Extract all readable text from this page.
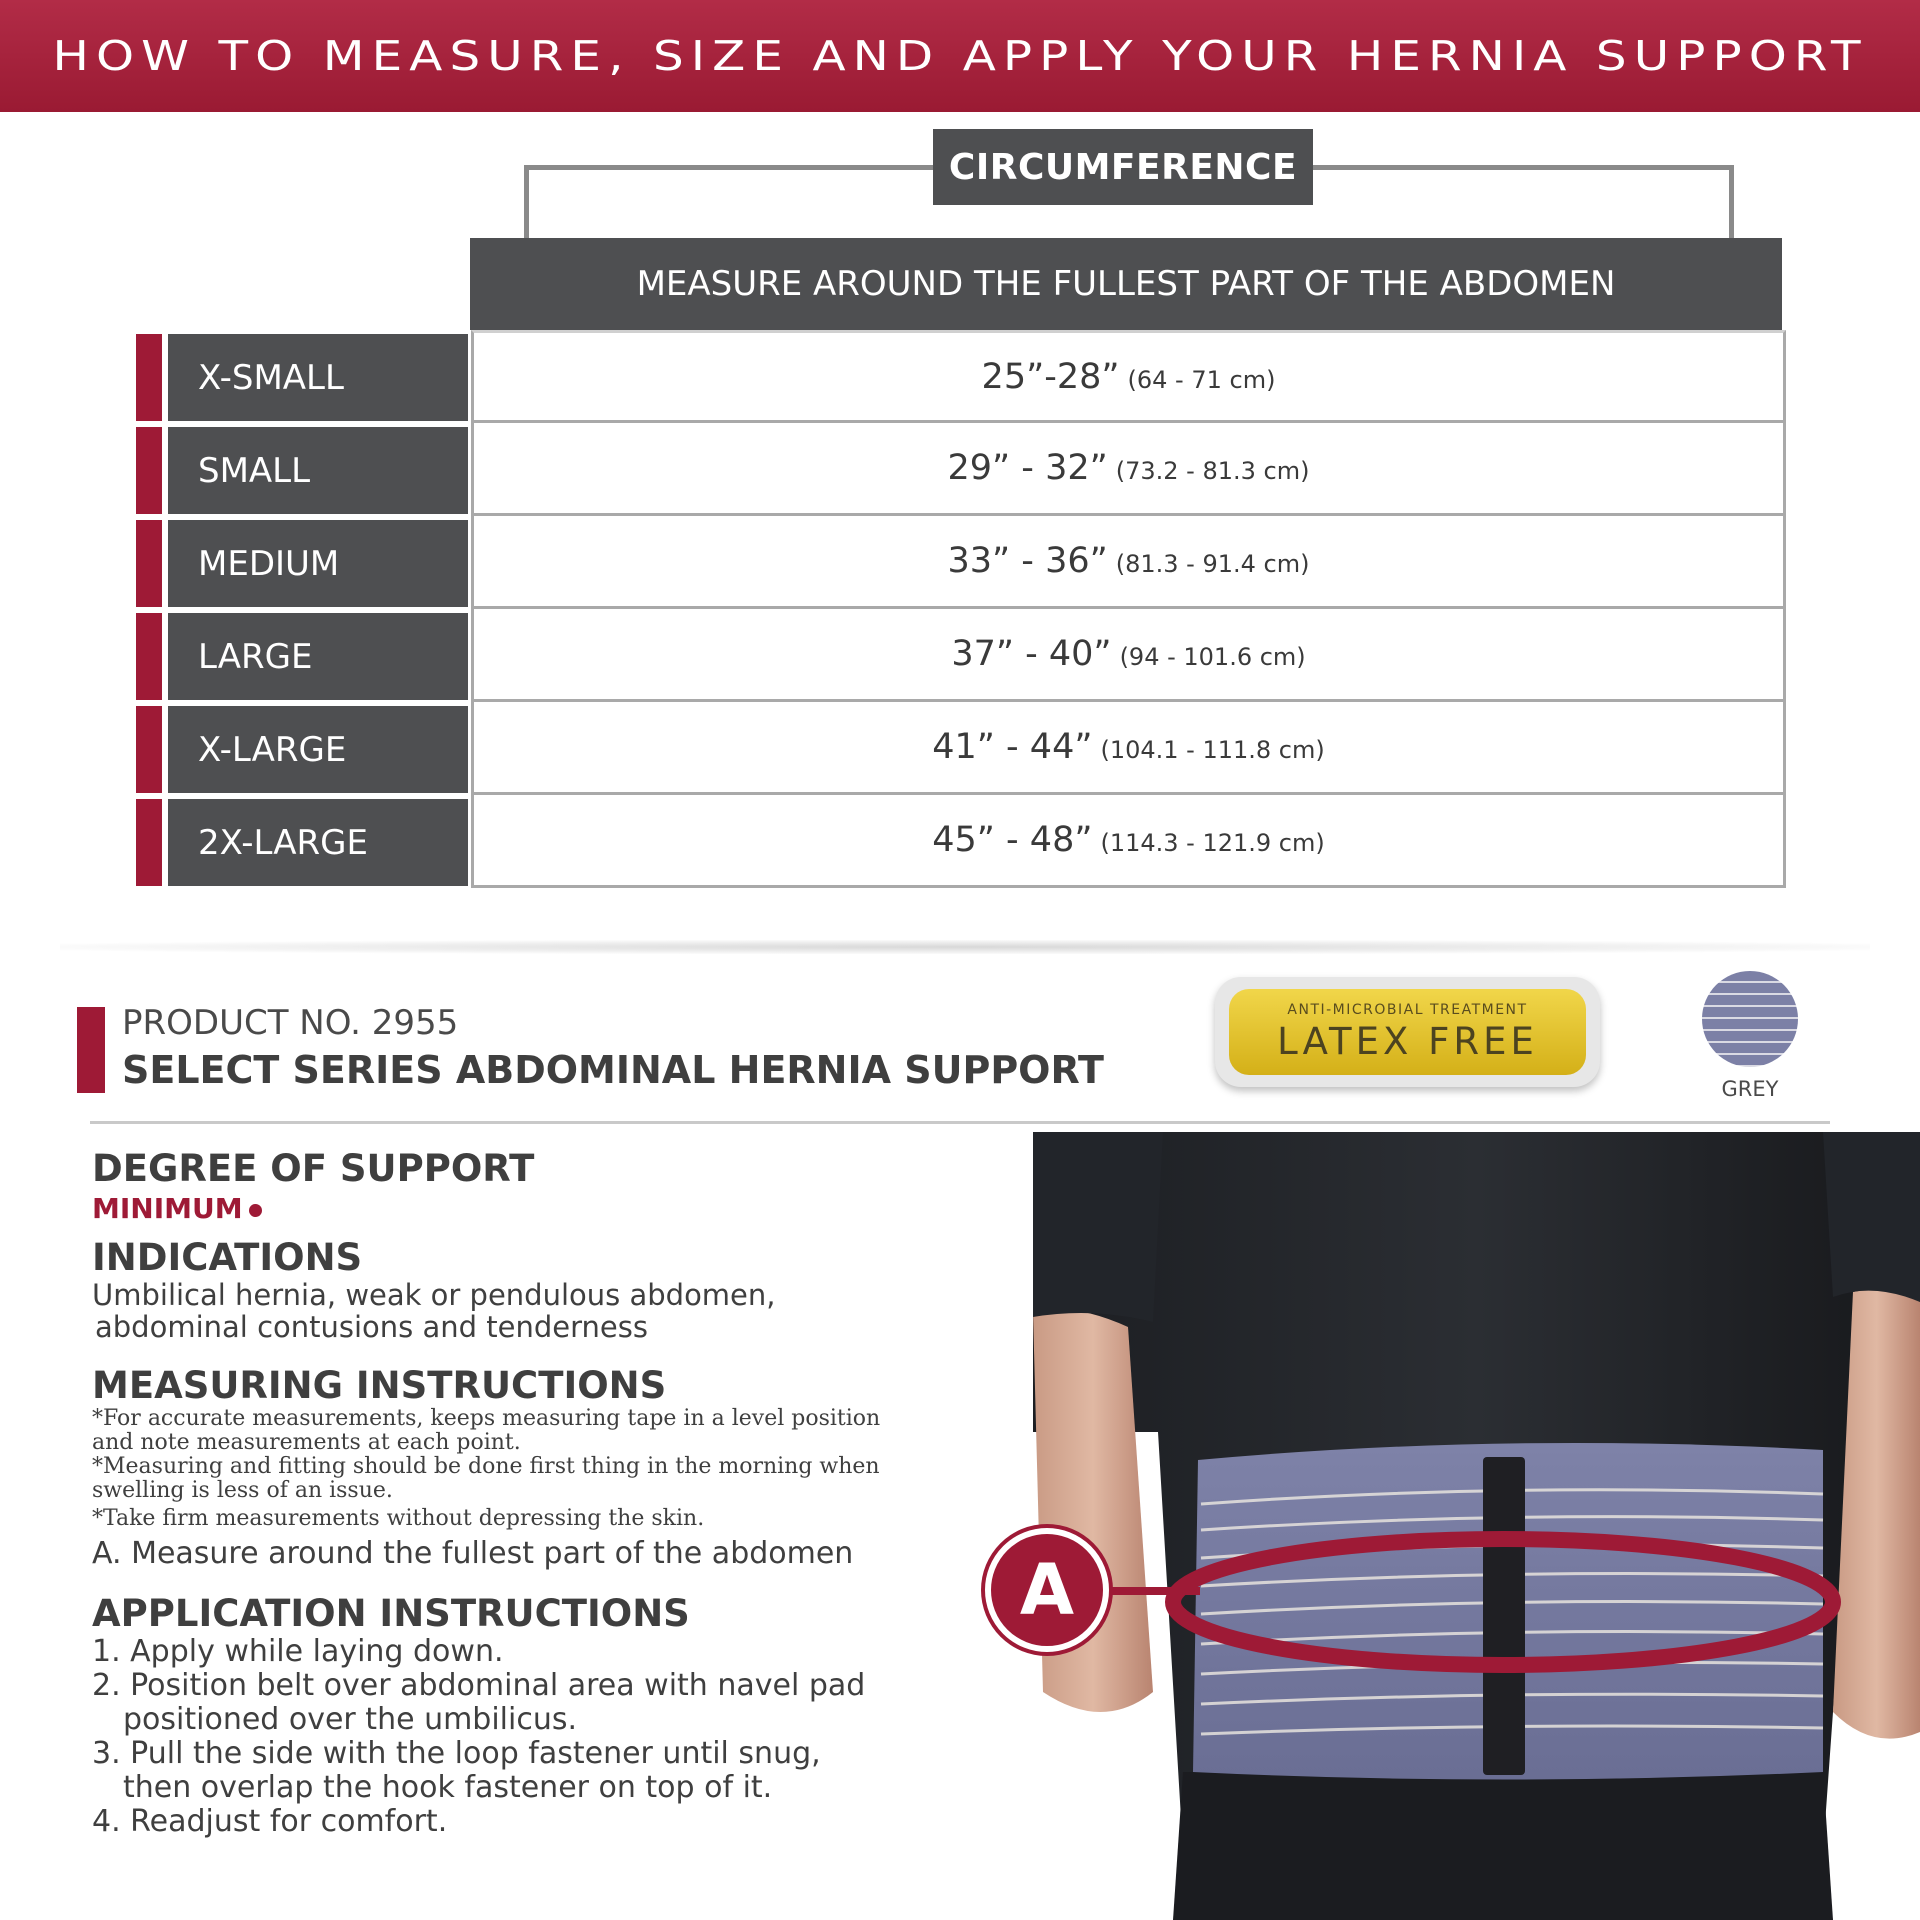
HOW TO MEASURE, SIZE AND APPLY YOUR HERNIA SUPPORT
CIRCUMFERENCE
MEASURE AROUND THE FULLEST PART OF THE ABDOMEN
X-SMALL	25”-28” (64 - 71 cm)
SMALL	29” - 32” (73.2 - 81.3 cm)
MEDIUM	33” - 36” (81.3 - 91.4 cm)
LARGE	37” - 40” (94 - 101.6 cm)
X-LARGE	41” - 44” (104.1 - 111.8 cm)
2X-LARGE	45” - 48” (114.3 - 121.9 cm)
PRODUCT NO. 2955
SELECT SERIES ABDOMINAL HERNIA SUPPORT
ANTI-MICROBIAL TREATMENT
LATEX FREE
GREY
DEGREE OF SUPPORT
MINIMUM
INDICATIONS
Umbilical hernia, weak or pendulous abdomen,
abdominal contusions and tenderness
MEASURING INSTRUCTIONS
*For accurate measurements, keeps measuring tape in a level position
and note measurements at each point.
*Measuring and fitting should be done first thing in the morning when
swelling is less of an issue.
*Take firm measurements without depressing the skin.
A. Measure around the fullest part of the abdomen
APPLICATION INSTRUCTIONS
1. Apply while laying down.
2. Position belt over abdominal area with navel pad
positioned over the umbilicus.
3. Pull the side with the loop fastener until snug,
then overlap the hook fastener on top of it.
4. Readjust for comfort.
A
